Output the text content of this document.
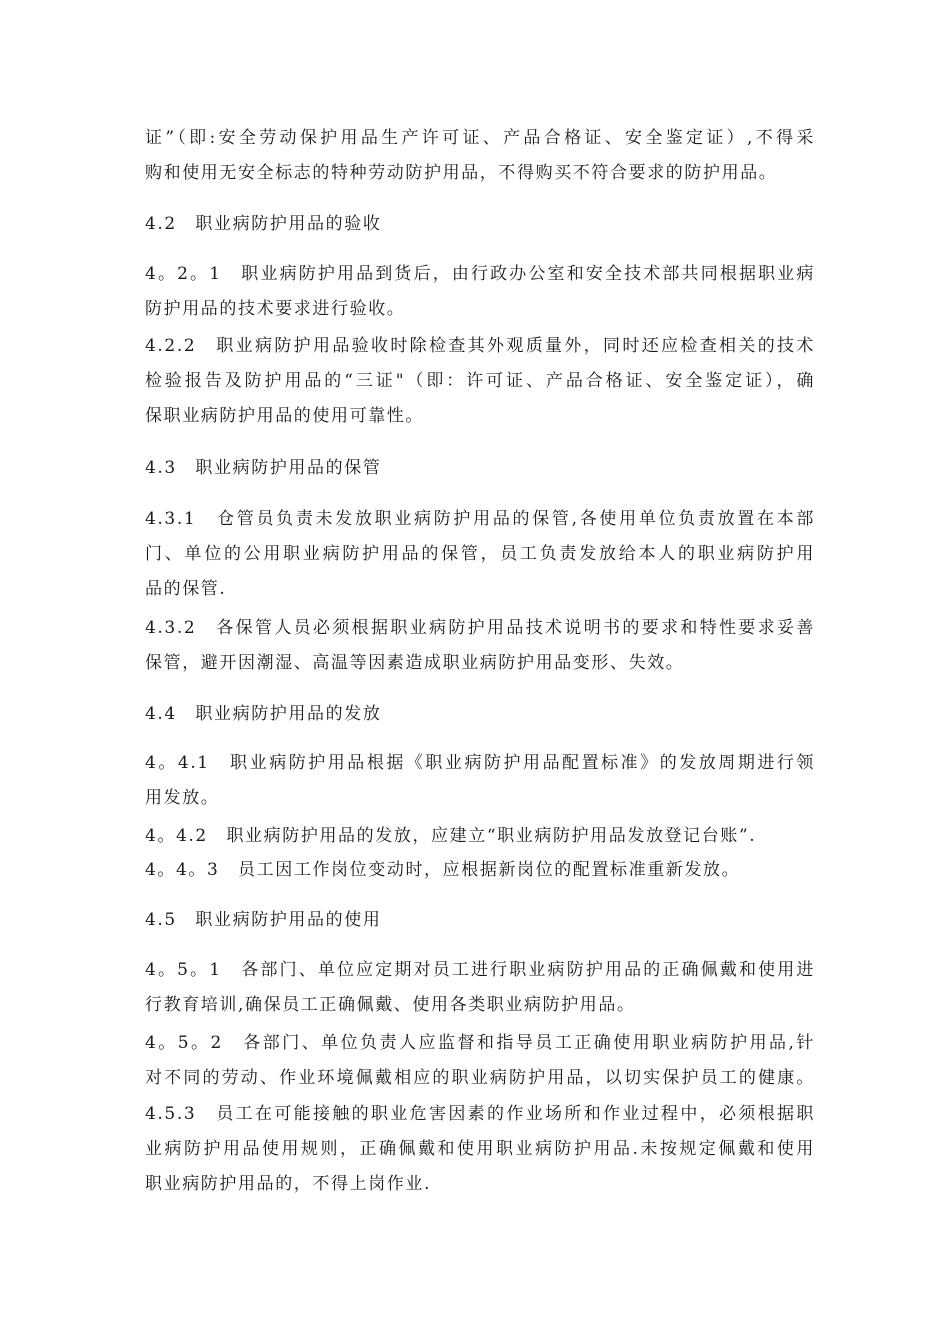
证”（即:安全劳动保护用品生产许可证、产品合格证、安全鉴定证）,不得采
购和使用无安全标志的特种劳动防护用品，不得购买不符合要求的防护用品。
4.2　职业病防护用品的验收
4。2。1　职业病防护用品到货后，由行政办公室和安全技术部共同根据职业病
防护用品的技术要求进行验收。
4.2.2　职业病防护用品验收时除检查其外观质量外，同时还应检查相关的技术
检验报告及防护用品的“三证"（即：许可证、产品合格证、安全鉴定证），确
保职业病防护用品的使用可靠性。
4.3　职业病防护用品的保管
4.3.1　仓管员负责未发放职业病防护用品的保管,各使用单位负责放置在本部
门、单位的公用职业病防护用品的保管，员工负责发放给本人的职业病防护用
品的保管.
4.3.2　各保管人员必须根据职业病防护用品技术说明书的要求和特性要求妥善
保管，避开因潮湿、高温等因素造成职业病防护用品变形、失效。
4.4　职业病防护用品的发放
4。4.1　职业病防护用品根据《职业病防护用品配置标准》的发放周期进行领
用发放。
4。4.2　职业病防护用品的发放，应建立“职业病防护用品发放登记台账”.
4。4。3　员工因工作岗位变动时，应根据新岗位的配置标准重新发放。
4.5　职业病防护用品的使用
4。5。1　各部门、单位应定期对员工进行职业病防护用品的正确佩戴和使用进
行教育培训,确保员工正确佩戴、使用各类职业病防护用品。
4。5。2　各部门、单位负责人应监督和指导员工正确使用职业病防护用品,针
对不同的劳动、作业环境佩戴相应的职业病防护用品，以切实保护员工的健康。
4.5.3　员工在可能接触的职业危害因素的作业场所和作业过程中，必须根据职
业病防护用品使用规则，正确佩戴和使用职业病防护用品.未按规定佩戴和使用
职业病防护用品的，不得上岗作业.
